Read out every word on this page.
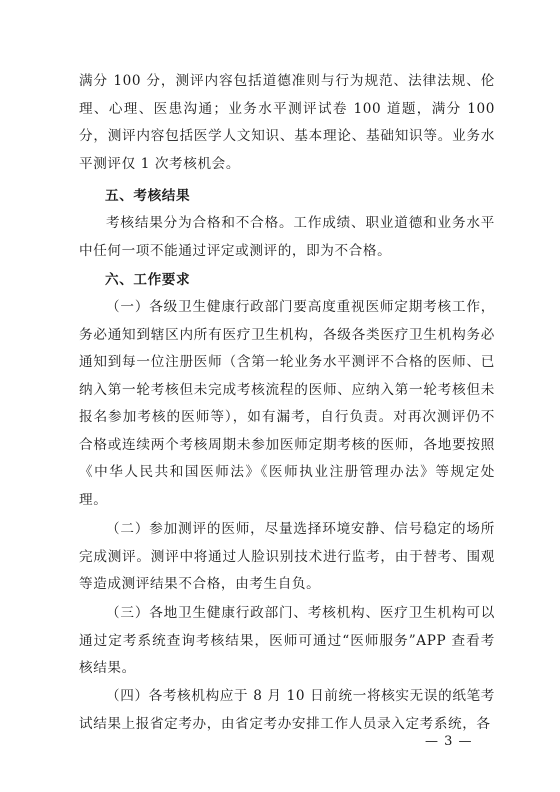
满分 100 分，测评内容包括道德准则与行为规范、法律法规、伦理、心理、医患沟通；业务水平测评试卷 100 道题，满分 100 分，测评内容包括医学人文知识、基本理论、基础知识等。业务水平测评仅 1 次考核机会。

五、考核结果

考核结果分为合格和不合格。工作成绩、职业道德和业务水平中任何一项不能通过评定或测评的，即为不合格。

六、工作要求

（一）各级卫生健康行政部门要高度重视医师定期考核工作，务必通知到辖区内所有医疗卫生机构，各级各类医疗卫生机构务必通知到每一位注册医师（含第一轮业务水平测评不合格的医师、已纳入第一轮考核但未完成考核流程的医师、应纳入第一轮考核但未报名参加考核的医师等），如有漏考，自行负责。对再次测评仍不合格或连续两个考核周期未参加医师定期考核的医师，各地要按照《中华人民共和国医师法》《医师执业注册管理办法》等规定处理。

（二）参加测评的医师，尽量选择环境安静、信号稳定的场所完成测评。测评中将通过人脸识别技术进行监考，由于替考、围观等造成测评结果不合格，由考生自负。

（三）各地卫生健康行政部门、考核机构、医疗卫生机构可以通过定考系统查询考核结果，医师可通过“医师服务”APP 查看考核结果。

（四）各考核机构应于 8 月 10 日前统一将核实无误的纸笔考试结果上报省定考办，由省定考办安排工作人员录入定考系统，各

— 3 —
